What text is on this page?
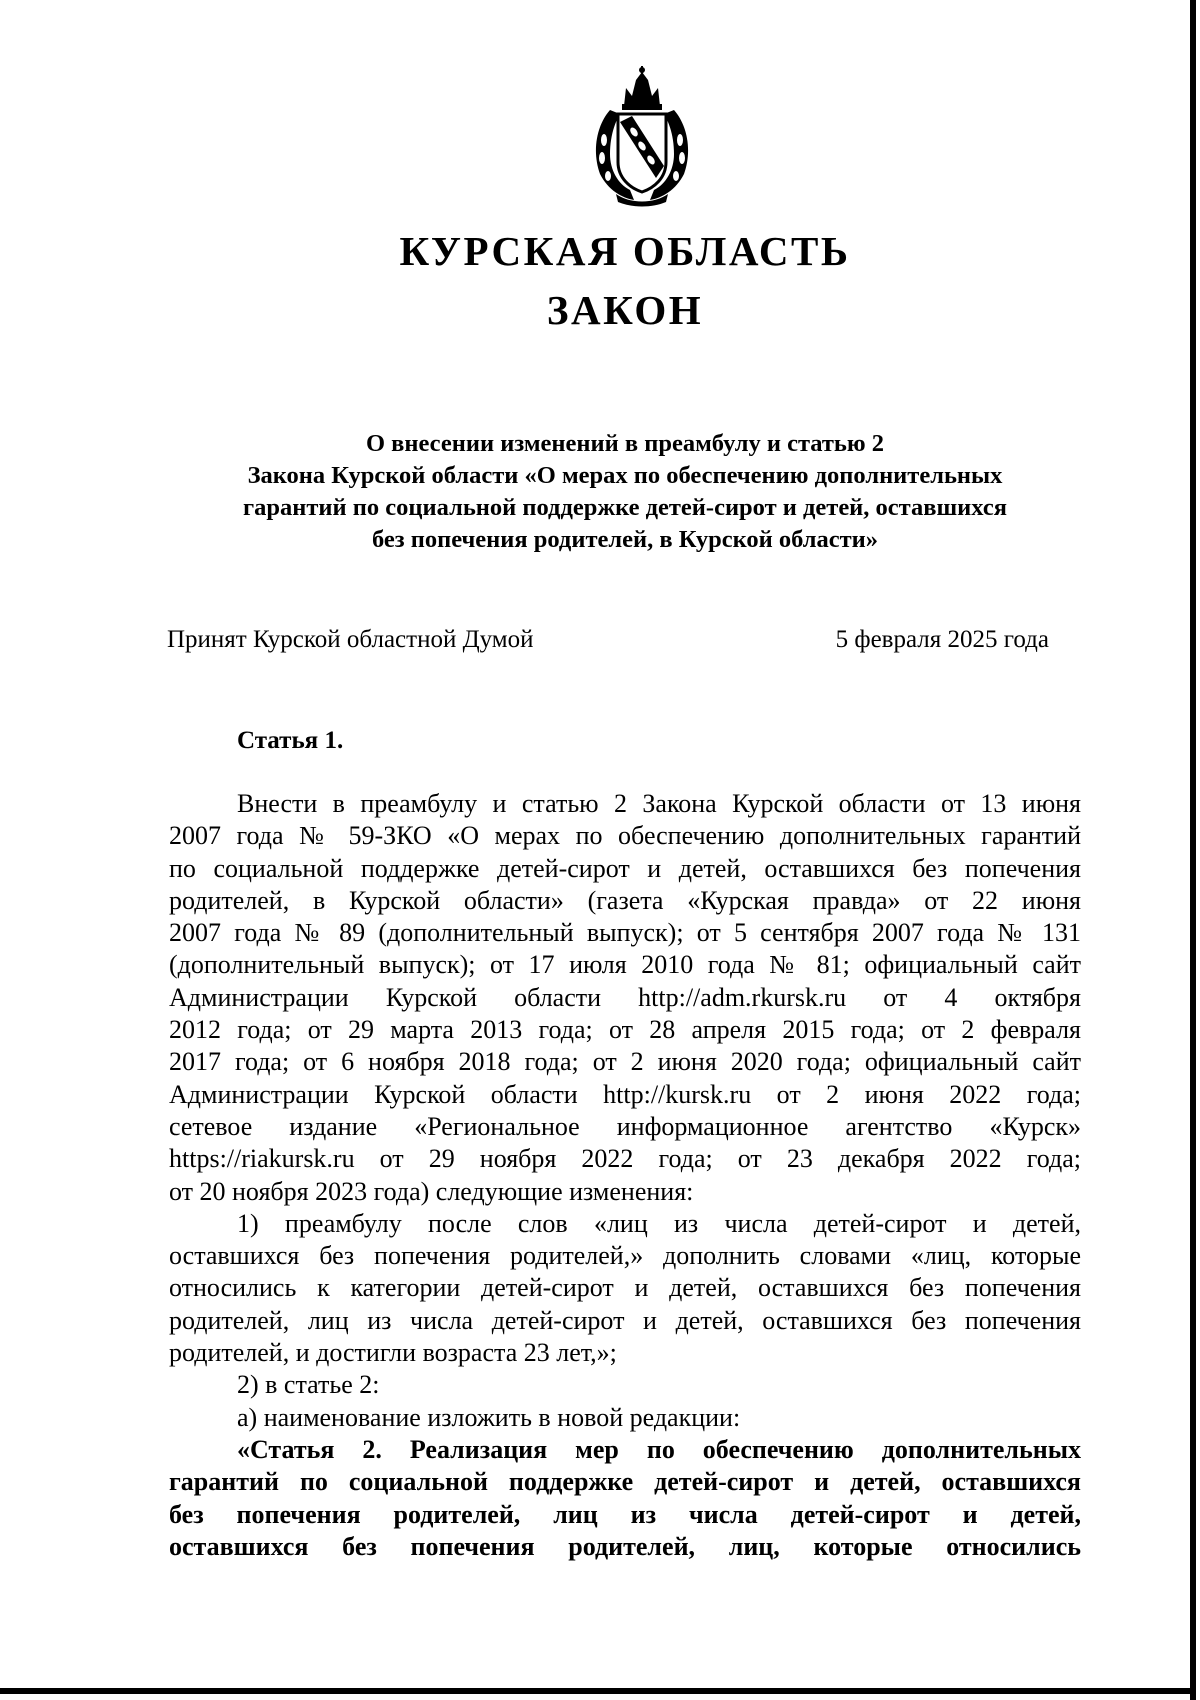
КУРСКАЯ ОБЛАСТЬ
ЗАКОН
О внесении изменений в преамбулу и статью 2
Закона Курской области «О мерах по обеспечению дополнительных
гарантий по социальной поддержке детей-сирот и детей, оставшихся
без попечения родителей, в Курской области»
Принят Курской областной Думой	5 февраля 2025 года
Статья 1.
Внести в преамбулу и статью 2 Закона Курской области от 13 июня
2007 года № 59-ЗКО «О мерах по обеспечению дополнительных гарантий
по социальной поддержке детей-сирот и детей, оставшихся без попечения
родителей, в Курской области» (газета «Курская правда» от 22 июня
2007 года № 89 (дополнительный выпуск); от 5 сентября 2007 года № 131
(дополнительный выпуск); от 17 июля 2010 года № 81; официальный сайт
Администрации Курской области http://adm.rkursk.ru от 4 октября
2012 года; от 29 марта 2013 года; от 28 апреля 2015 года; от 2 февраля
2017 года; от 6 ноября 2018 года; от 2 июня 2020 года; официальный сайт
Администрации Курской области http://kursk.ru от 2 июня 2022 года;
сетевое издание «Региональное информационное агентство «Курск»
https://riakursk.ru от 29 ноября 2022 года; от 23 декабря 2022 года;
от 20 ноября 2023 года) следующие изменения:
1) преамбулу после слов «лиц из числа детей-сирот и детей,
оставшихся без попечения родителей,» дополнить словами «лиц, которые
относились к категории детей-сирот и детей, оставшихся без попечения
родителей, лиц из числа детей-сирот и детей, оставшихся без попечения
родителей, и достигли возраста 23 лет,»;
2) в статье 2:
а) наименование изложить в новой редакции:
«Статья 2. Реализация мер по обеспечению дополнительных
гарантий по социальной поддержке детей-сирот и детей, оставшихся
без попечения родителей, лиц из числа детей-сирот и детей,
оставшихся без попечения родителей, лиц, которые относились
